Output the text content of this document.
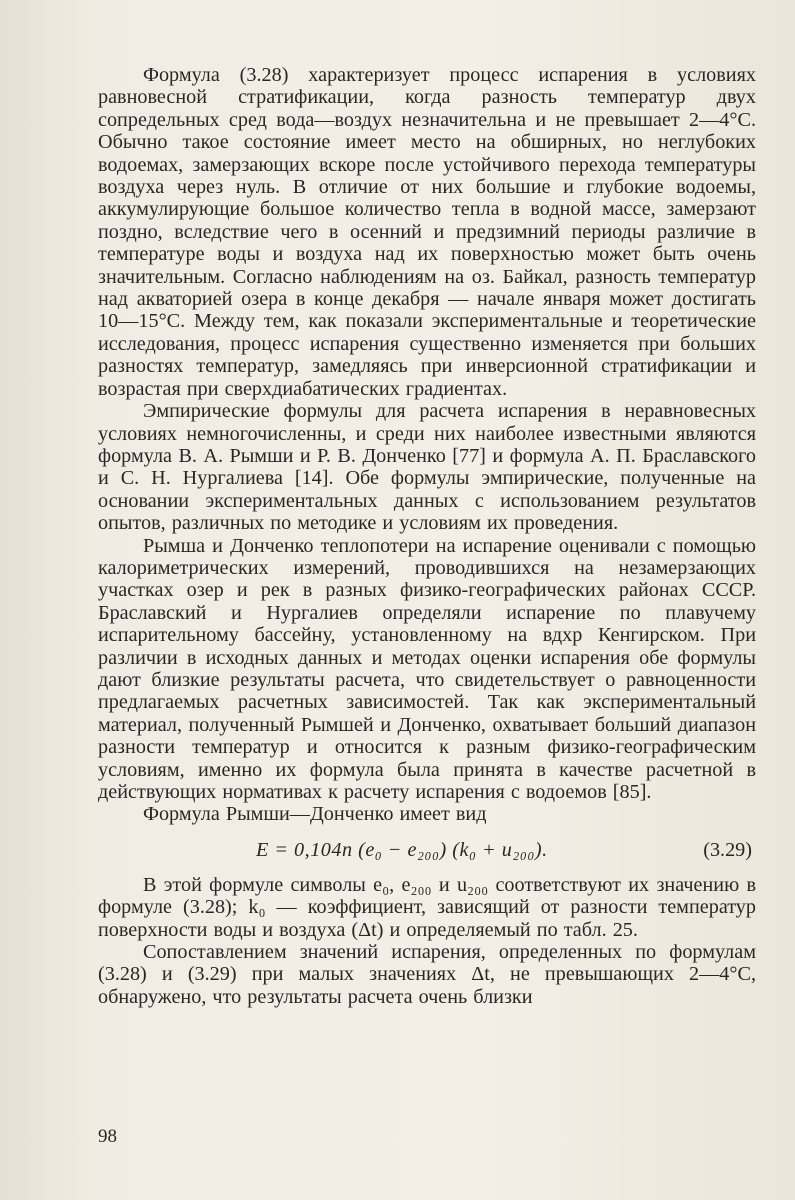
Формула (3.28) характеризует процесс испарения в условиях равновесной стратификации, когда разность температур двух сопредельных сред вода—воздух незначительна и не превышает 2—4°С. Обычно такое состояние имеет место на обширных, но неглубоких водоемах, замерзающих вскоре после устойчивого перехода температуры воздуха через нуль. В отличие от них большие и глубокие водоемы, аккумулирующие большое количество тепла в водной массе, замерзают поздно, вследствие чего в осенний и предзимний периоды различие в температуре воды и воздуха над их поверхностью может быть очень значительным. Согласно наблюдениям на оз. Байкал, разность температур над акваторией озера в конце декабря — начале января может достигать 10—15°С. Между тем, как показали экспериментальные и теоретические исследования, процесс испарения существенно изменяется при больших разностях температур, замедляясь при инверсионной стратификации и возрастая при сверхдиабатических градиентах.

Эмпирические формулы для расчета испарения в неравновесных условиях немногочисленны, и среди них наиболее известными являются формула В. А. Рымши и Р. В. Донченко [77] и формула А. П. Браславского и С. Н. Нургалиева [14]. Обе формулы эмпирические, полученные на основании экспериментальных данных с использованием результатов опытов, различных по методике и условиям их проведения.

Рымша и Донченко теплопотери на испарение оценивали с помощью калориметрических измерений, проводившихся на незамерзающих участках озер и рек в разных физико-географических районах СССР. Браславский и Нургалиев определяли испарение по плавучему испарительному бассейну, установленному на вдхр Кенгирском. При различии в исходных данных и методах оценки испарения обе формулы дают близкие результаты расчета, что свидетельствует о равноценности предлагаемых расчетных зависимостей. Так как экспериментальный материал, полученный Рымшей и Донченко, охватывает больший диапазон разности температур и относится к разным физико-географическим условиям, именно их формула была принята в качестве расчетной в действующих нормативах к расчету испарения с водоемов [85].

Формула Рымши—Донченко имеет вид

E = 0,104n (e₀ − e₂₀₀) (k₀ + u₂₀₀).	(3.29)

В этой формуле символы e₀, e₂₀₀ и u₂₀₀ соответствуют их значению в формуле (3.28); k₀ — коэффициент, зависящий от разности температур поверхности воды и воздуха (Δt) и определяемый по табл. 25.

Сопоставлением значений испарения, определенных по формулам (3.28) и (3.29) при малых значениях Δt, не превышающих 2—4°С, обнаружено, что результаты расчета очень близки

98
